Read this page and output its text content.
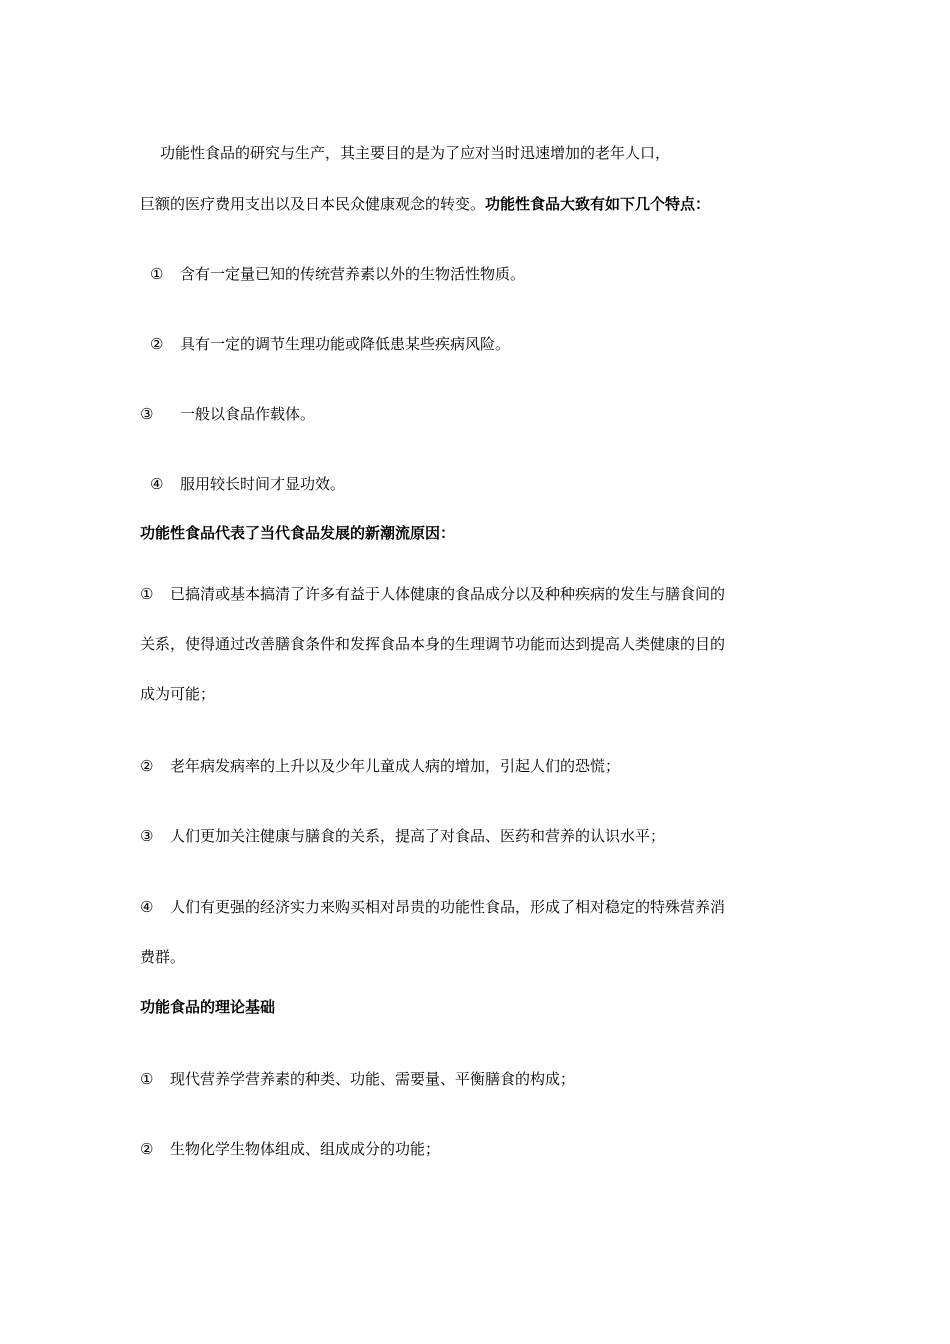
功能性食品的研究与生产，其主要目的是为了应对当时迅速增加的老年人口，

巨额的医疗费用支出以及日本民众健康观念的转变。功能性食品大致有如下几个特点：

① 含有一定量已知的传统营养素以外的生物活性物质。

② 具有一定的调节生理功能或降低患某些疾病风险。

③ 一般以食品作载体。

④ 服用较长时间才显功效。

功能性食品代表了当代食品发展的新潮流原因：

① 已搞清或基本搞清了许多有益于人体健康的食品成分以及种种疾病的发生与膳食间的

关系，使得通过改善膳食条件和发挥食品本身的生理调节功能而达到提高人类健康的目的

成为可能；

② 老年病发病率的上升以及少年儿童成人病的增加，引起人们的恐慌；

③ 人们更加关注健康与膳食的关系，提高了对食品、医药和营养的认识水平；

④ 人们有更强的经济实力来购买相对昂贵的功能性食品，形成了相对稳定的特殊营养消

费群。

功能食品的理论基础

① 现代营养学营养素的种类、功能、需要量、平衡膳食的构成；

② 生物化学生物体组成、组成成分的功能；
